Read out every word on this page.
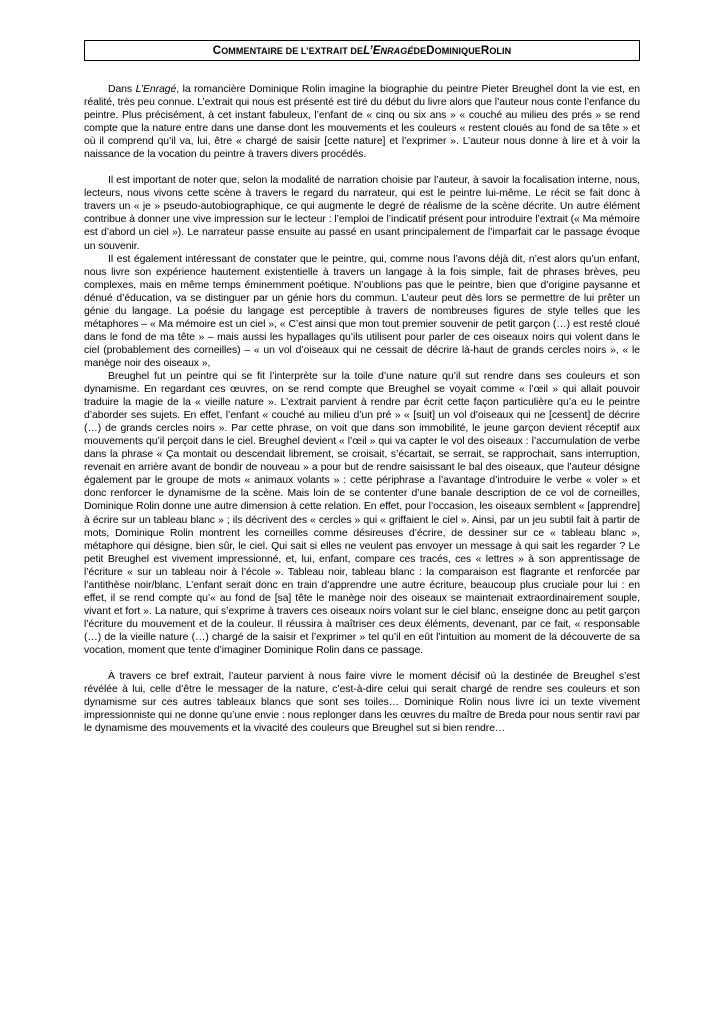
C OMMENTAIRE DE L’EXTRAIT DE L’E NRAGÉ DE D OMINIQUE R OLIN

Dans L’Enragé, la romancière Dominique Rolin imagine la biographie du peintre Pieter Breughel dont la vie est, en réalité, très peu connue. L’extrait qui nous est présenté est tiré du début du livre alors que l’auteur nous conte l’enfance du peintre. Plus précisément, à cet instant fabuleux, l’enfant de « cinq ou six ans » « couché au milieu des prés » se rend compte que la nature entre dans une danse dont les mouvements et les couleurs « restent cloués au fond de sa tête » et où il comprend qu’il va, lui, être « chargé de saisir [cette nature] et l’exprimer ». L’auteur nous donne à lire et à voir la naissance de la vocation du peintre à travers divers procédés.

Il est important de noter que, selon la modalité de narration choisie par l’auteur, à savoir la focalisation interne, nous, lecteurs, nous vivons cette scène à travers le regard du narrateur, qui est le peintre lui-même. Le récit se fait donc à travers un « je » pseudo-autobiographique, ce qui augmente le degré de réalisme de la scène décrite. Un autre élément contribue à donner une vive impression sur le lecteur : l’emploi de l’indicatif présent pour introduire l’extrait (« Ma mémoire est d’abord un ciel »). Le narrateur passe ensuite au passé en usant principalement de l’imparfait car le passage évoque un souvenir.

Il est également intéressant de constater que le peintre, qui, comme nous l’avons déjà dit, n’est alors qu’un enfant, nous livre son expérience hautement existentielle à travers un langage à la fois simple, fait de phrases brèves, peu complexes, mais en même temps éminemment poétique. N’oublions pas que le peintre, bien que d’origine paysanne et dénué d’éducation, va se distinguer par un génie hors du commun. L’auteur peut dès lors se permettre de lui prêter un génie du langage. La poésie du langage est perceptible à travers de nombreuses figures de style telles que les métaphores – « Ma mémoire est un ciel », « C’est ainsi que mon tout premier souvenir de petit garçon (…) est resté cloué dans le fond de ma tête » – mais aussi les hypallages qu’ils utilisent pour parler de ces oiseaux noirs qui volent dans le ciel (probablement des corneilles) – « un vol d’oiseaux qui ne cessait de décrire là-haut de grands cercles noirs », « le manège noir des oiseaux »,

Breughel fut un peintre qui se fit l’interprète sur la toile d’une nature qu’il sut rendre dans ses couleurs et son dynamisme. En regardant ces œuvres, on se rend compte que Breughel se voyait comme « l’œil » qui allait pouvoir traduire la magie de la « vieille nature ». L’extrait parvient à rendre par écrit cette façon particulière qu’a eu le peintre d’aborder ses sujets. En effet, l’enfant « couché au milieu d’un pré » « [suit] un vol d’oiseaux qui ne [cessent] de décrire (…) de grands cercles noirs ». Par cette phrase, on voit que dans son immobilité, le jeune garçon devient réceptif aux mouvements qu’il perçoit dans le ciel. Breughel devient « l’œil » qui va capter le vol des oiseaux : l’accumulation de verbe dans la phrase « Ça montait ou descendait librement, se croisait, s’écartait, se serrait, se rapprochait, sans interruption, revenait en arrière avant de bondir de nouveau » a pour but de rendre saisissant le bal des oiseaux, que l’auteur désigne également par le groupe de mots « animaux volants » : cette périphrase a l’avantage d’introduire le verbe « voler » et donc renforcer le dynamisme de la scène. Mais loin de se contenter d’une banale description de ce vol de corneilles, Dominique Rolin donne une autre dimension à cette relation. En effet, pour l’occasion, les oiseaux semblent « [apprendre] à écrire sur un tableau blanc » ; ils décrivent des « cercles » qui « griffaient le ciel ». Ainsi, par un jeu subtil fait à partir de mots, Dominique Rolin montrent les corneilles comme désireuses d’écrire, de dessiner sur ce « tableau blanc », métaphore qui désigne, bien sûr, le ciel. Qui sait si elles ne veulent pas envoyer un message à qui sait les regarder ? Le petit Breughel est vivement impressionné, et, lui, enfant, compare ces tracés, ces « lettres » à son apprentissage de l’écriture « sur un tableau noir à l’école ». Tableau noir, tableau blanc : la comparaison est flagrante et renforcée par l’antithèse noir/blanc. L’enfant serait donc en train d’apprendre une autre écriture, beaucoup plus cruciale pour lui : en effet, il se rend compte qu’« au fond de [sa] tête le manège noir des oiseaux se maintenait extraordinairement souple, vivant et fort ». La nature, qui s’exprime à travers ces oiseaux noirs volant sur le ciel blanc, enseigne donc au petit garçon l’écriture du mouvement et de la couleur. Il réussira à maîtriser ces deux éléments, devenant, par ce fait, « responsable (…) de la vieille nature (…) chargé de la saisir et l’exprimer » tel qu’il en eût l’intuition au moment de la découverte de sa vocation, moment que tente d’imaginer Dominique Rolin dans ce passage.

À travers ce bref extrait, l’auteur parvient à nous faire vivre le moment décisif où la destinée de Breughel s’est révélée à lui, celle d’être le messager de la nature, c’est-à-dire celui qui serait chargé de rendre ses couleurs et son dynamisme sur ces autres tableaux blancs que sont ses toiles… Dominique Rolin nous livre ici un texte vivement impressionniste qui ne donne qu’une envie : nous replonger dans les œuvres du maître de Breda pour nous sentir ravi par le dynamisme des mouvements et la vivacité des couleurs que Breughel sut si bien rendre…
